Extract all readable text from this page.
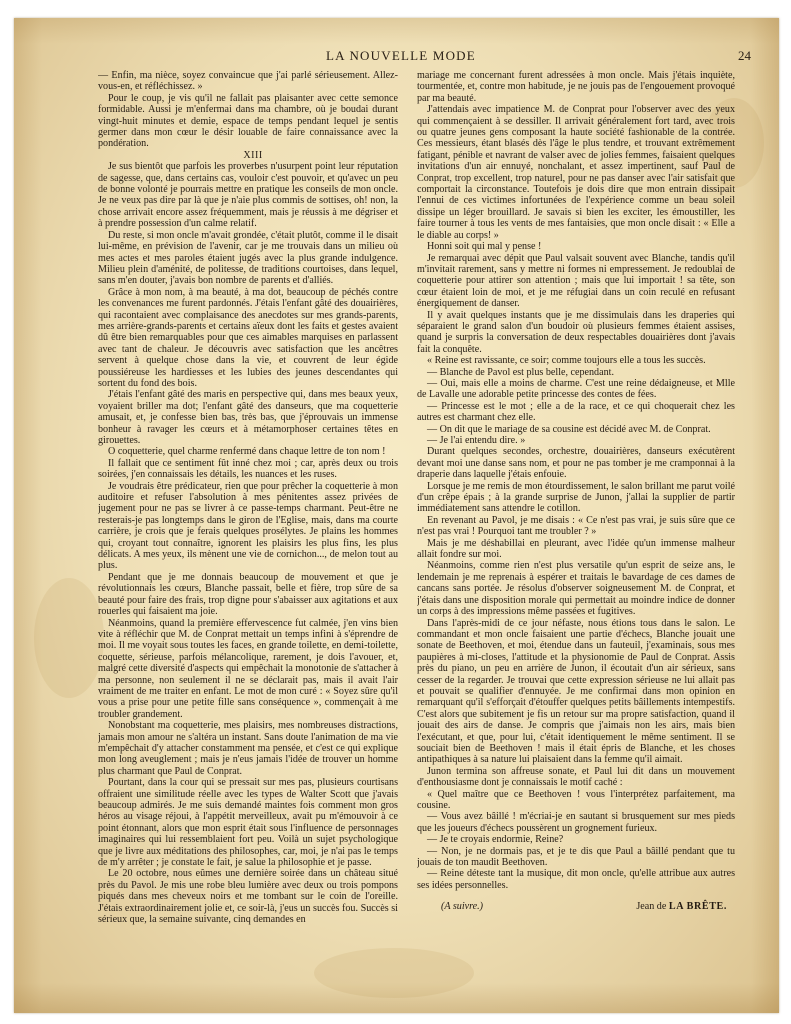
LA NOUVELLE MODE	24

— Enfin, ma nièce, soyez convaincue que j'ai parlé sérieusement. Allez-vous-en, et réfléchissez. »

Pour le coup, je vis qu'il ne fallait pas plaisanter avec cette semonce formidable. Aussi je m'enfermai dans ma chambre, où je boudai durant vingt-huit minutes et demie, espace de temps pendant lequel je sentis germer dans mon cœur le désir louable de faire connaissance avec la pondération.

XIII

Je sus bientôt que parfois les proverbes n'usurpent point leur réputation de sagesse, que, dans certains cas, vouloir c'est pouvoir, et qu'avec un peu de bonne volonté je pourrais mettre en pratique les conseils de mon oncle. Je ne veux pas dire par là que je n'aie plus commis de sottises, oh! non, la chose arrivait encore assez fréquemment, mais je réussis à me dégriser et à prendre possession d'un calme relatif.

Du reste, si mon oncle m'avait grondée, c'était plutôt, comme il le disait lui-même, en prévision de l'avenir, car je me trouvais dans un milieu où mes actes et mes paroles étaient jugés avec la plus grande indulgence. Milieu plein d'aménité, de politesse, de traditions courtoises, dans lequel, sans m'en douter, j'avais bon nombre de parents et d'alliés.

Grâce à mon nom, à ma beauté, à ma dot, beaucoup de péchés contre les convenances me furent pardonnés. J'étais l'enfant gâté des douairières, qui racontaient avec complaisance des anecdotes sur mes grands-parents, mes arrière-grands-parents et certains aïeux dont les faits et gestes avaient dû être bien remarquables pour que ces aimables marquises en parlassent avec tant de chaleur. Je découvris avec satisfaction que les ancêtres servent à quelque chose dans la vie, et couvrent de leur égide poussiéreuse les hardiesses et les lubies des jeunes descendantes qui sortent du fond des bois.

J'étais l'enfant gâté des maris en perspective qui, dans mes beaux yeux, voyaient briller ma dot; l'enfant gâté des danseurs, que ma coquetterie amusait, et, je confesse bien bas, très bas, que j'éprouvais un immense bonheur à ravager les cœurs et à métamorphoser certaines têtes en girouettes.

O coquetterie, quel charme renfermé dans chaque lettre de ton nom !

Il fallait que ce sentiment fût inné chez moi ; car, après deux ou trois soirées, j'en connaissais les détails, les nuances et les ruses.

Je voudrais être prédicateur, rien que pour prêcher la coquetterie à mon auditoire et refuser l'absolution à mes pénitentes assez privées de jugement pour ne pas se livrer à ce passe-temps charmant. Peut-être ne resterais-je pas longtemps dans le giron de l'Eglise, mais, dans ma courte carrière, je crois que je ferais quelques prosélytes. Je plains les hommes qui, croyant tout connaître, ignorent les plaisirs les plus fins, les plus délicats. A mes yeux, ils mènent une vie de cornichon..., de melon tout au plus.

Pendant que je me donnais beaucoup de mouvement et que je révolutionnais les cœurs, Blanche passait, belle et fière, trop sûre de sa beauté pour faire des frais, trop digne pour s'abaisser aux agitations et aux rouerles qui faisaient ma joie.

Néanmoins, quand la première effervescence fut calmée, j'en vins bien vite à réfléchir que M. de Conprat mettait un temps infini à s'éprendre de moi. Il me voyait sous toutes les faces, en grande toilette, en demi-toilette, coquette, sérieuse, parfois mélancolique, rarement, je dois l'avouer, et, malgré cette diversité d'aspects qui empêchait la monotonie de s'attacher à ma personne, non seulement il ne se déclarait pas, mais il avait l'air vraiment de me traiter en enfant. Le mot de mon curé : « Soyez sûre qu'il vous a prise pour une petite fille sans conséquence », commençait à me troubler grandement.

Nonobstant ma coquetterie, mes plaisirs, mes nombreuses distractions, jamais mon amour ne s'altéra un instant. Sans doute l'animation de ma vie m'empêchait d'y attacher constamment ma pensée, et c'est ce qui explique mon long aveuglement ; mais je n'eus jamais l'idée de trouver un homme plus charmant que Paul de Conprat.

Pourtant, dans la cour qui se pressait sur mes pas, plusieurs courtisans offraient une similitude réelle avec les types de Walter Scott que j'avais beaucoup admirés. Je me suis demandé maintes fois comment mon gros héros au visage réjoui, à l'appétit merveilleux, avait pu m'émouvoir à ce point étonnant, alors que mon esprit était sous l'influence de personnages imaginaires qui lui ressemblaient fort peu. Voilà un sujet psychologique que je livre aux méditations des philosophes, car, moi, je n'ai pas le temps de m'y arrêter ; je constate le fait, je salue la philosophie et je passe.

Le 20 octobre, nous eûmes une dernière soirée dans un château situé près du Pavol. Je mis une robe bleu lumière avec deux ou trois pompons piqués dans mes cheveux noirs et me tombant sur le coin de l'oreille. J'étais extraordinairement jolie et, ce soir-là, j'eus un succès fou. Succès si sérieux que, la semaine suivante, cinq demandes en

mariage me concernant furent adressées à mon oncle. Mais j'étais inquiète, tourmentée, et, contre mon habitude, je ne jouis pas de l'engouement provoqué par ma beauté.

J'attendais avec impatience M. de Conprat pour l'observer avec des yeux qui commençaient à se dessiller. Il arrivait généralement fort tard, avec trois ou quatre jeunes gens composant la haute société fashionable de la contrée. Ces messieurs, étant blasés dès l'âge le plus tendre, et trouvant extrêmement fatigant, pénible et navrant de valser avec de jolies femmes, faisaient quelques invitations d'un air ennuyé, nonchalant, et assez impertinent, sauf Paul de Conprat, trop excellent, trop naturel, pour ne pas danser avec l'air satisfait que comportait la circonstance. Toutefois je dois dire que mon entrain dissipait l'ennui de ces victimes infortunées de l'expérience comme un beau soleil dissipe un léger brouillard. Je savais si bien les exciter, les émoustiller, les faire tourner à tous les vents de mes fantaisies, que mon oncle disait : « Elle a le diable au corps! »

Honni soit qui mal y pense !

Je remarquai avec dépit que Paul valsait souvent avec Blanche, tandis qu'il m'invitait rarement, sans y mettre ni formes ni empressement. Je redoublai de coquetterie pour attirer son attention ; mais que lui importait ! sa tête, son cœur étaient loin de moi, et je me réfugiai dans un coin reculé en refusant énergiquement de danser.

Il y avait quelques instants que je me dissimulais dans les draperies qui séparaient le grand salon d'un boudoir où plusieurs femmes étaient assises, quand je surpris la conversation de deux respectables douairières dont j'avais fait la conquête.

« Reine est ravissante, ce soir; comme toujours elle a tous les succès.

— Blanche de Pavol est plus belle, cependant.

— Oui, mais elle a moins de charme. C'est une reine dédaigneuse, et Mlle de Lavalle une adorable petite princesse des contes de fées.

— Princesse est le mot ; elle a de la race, et ce qui choquerait chez les autres est charmant chez elle.

— On dit que le mariage de sa cousine est décidé avec M. de Conprat.

— Je l'ai entendu dire. »

Durant quelques secondes, orchestre, douairières, danseurs exécutèrent devant moi une danse sans nom, et pour ne pas tomber je me cramponnai à la draperie dans laquelle j'étais enfouie.

Lorsque je me remis de mon étourdissement, le salon brillant me parut voilé d'un crêpe épais ; à la grande surprise de Junon, j'allai la supplier de partir immédiatement sans attendre le cotillon.

En revenant au Pavol, je me disais : « Ce n'est pas vrai, je suis sûre que ce n'est pas vrai ! Pourquoi tant me troubler ? »

Mais je me déshabillai en pleurant, avec l'idée qu'un immense malheur allait fondre sur moi.

Néanmoins, comme rien n'est plus versatile qu'un esprit de seize ans, le lendemain je me reprenais à espérer et traitais le bavardage de ces dames de cancans sans portée. Je résolus d'observer soigneusement M. de Conprat, et j'étais dans une disposition morale qui permettait au moindre indice de donner un corps à des impressions même passées et fugitives.

Dans l'après-midi de ce jour néfaste, nous étions tous dans le salon. Le commandant et mon oncle faisaient une partie d'échecs, Blanche jouait une sonate de Beethoven, et moi, étendue dans un fauteuil, j'examinais, sous mes paupières à mi-closes, l'attitude et la physionomie de Paul de Conprat. Assis près du piano, un peu en arrière de Junon, il écoutait d'un air sérieux, sans cesser de la regarder. Je trouvai que cette expression sérieuse ne lui allait pas et pouvait se qualifier d'ennuyée. Je me confirmai dans mon opinion en remarquant qu'il s'efforçait d'étouffer quelques petits bâillements intempestifs. C'est alors que subitement je fis un retour sur ma propre satisfaction, quand il jouait des airs de danse. Je compris que j'aimais non les airs, mais bien l'exécutant, et que, pour lui, c'était identiquement le même sentiment. Il se souciait bien de Beethoven ! mais il était épris de Blanche, et les choses antipathiques à sa nature lui plaisaient dans la femme qu'il aimait.

Junon termina son affreuse sonate, et Paul lui dit dans un mouvement d'enthousiasme dont je connaissais le motif caché :

« Quel maître que ce Beethoven ! vous l'interprétez parfaitement, ma cousine.

— Vous avez bâillé ! m'écriai-je en sautant si brusquement sur mes pieds que les joueurs d'échecs poussèrent un grognement furieux.

— Je te croyais endormie, Reine?

— Non, je ne dormais pas, et je te dis que Paul a bâillé pendant que tu jouais de ton maudit Beethoven.

— Reine déteste tant la musique, dit mon oncle, qu'elle attribue aux autres ses idées personnelles.

(A suivre.)	Jean de LA BRÊTE.
